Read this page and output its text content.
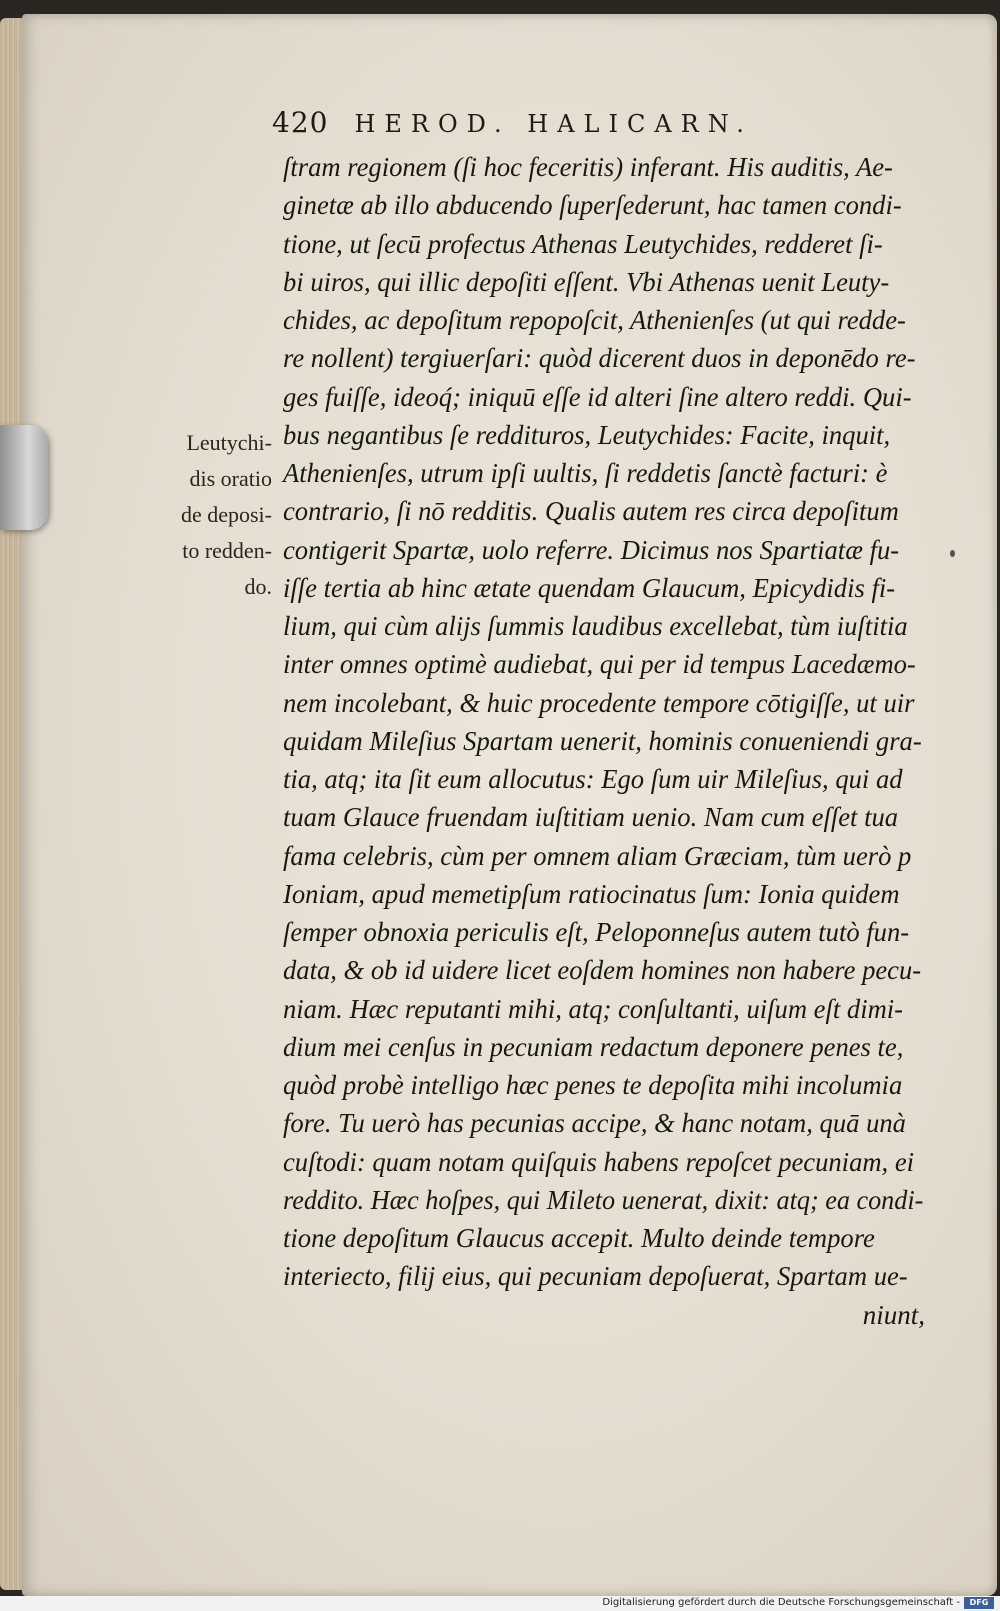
420 HEROD. HALICARN.
Leutychi-
dis oratio
de deposi-
to redden-
do.
ſtram regionem (ſi hoc feceritis) inferant. His auditis, Ae-
ginetæ ab illo abducendo ſuperſederunt, hac tamen condi-
tione, ut ſecū profectus Athenas Leutychides, redderet ſi-
bi uiros, qui illic depoſiti eſſent. Vbi Athenas uenit Leuty-
chides, ac depoſitum repopoſcit, Athenienſes (ut qui redde-
re nollent) tergiuerſari: quòd dicerent duos in deponēdo re-
ges fuiſſe, ideoq́; iniquū eſſe id alteri ſine altero reddi. Qui-
bus negantibus ſe reddituros, Leutychides: Facite, inquit,
Athenienſes, utrum ipſi uultis, ſi reddetis ſanctè facturi: è
contrario, ſi nō redditis. Qualis autem res circa depoſitum
contigerit Spartæ, uolo referre. Dicimus nos Spartiatæ fu-
iſſe tertia ab hinc ætate quendam Glaucum, Epicydidis fi-
lium, qui cùm alijs ſummis laudibus excellebat, tùm iuſtitia
inter omnes optimè audiebat, qui per id tempus Lacedæmo-
nem incolebant, & huic procedente tempore cōtigiſſe, ut uir
quidam Mileſius Spartam uenerit, hominis conueniendi gra-
tia, atq; ita ſit eum allocutus: Ego ſum uir Mileſius, qui ad
tuam Glauce fruendam iuſtitiam uenio. Nam cum eſſet tua
fama celebris, cùm per omnem aliam Græciam, tùm uerò p
Ioniam, apud memetipſum ratiocinatus ſum: Ionia quidem
ſemper obnoxia periculis eſt, Peloponneſus autem tutò fun-
data, & ob id uidere licet eoſdem homines non habere pecu-
niam. Hæc reputanti mihi, atq; conſultanti, uiſum eſt dimi-
dium mei cenſus in pecuniam redactum deponere penes te,
quòd probè intelligo hæc penes te depoſita mihi incolumia
fore. Tu uerò has pecunias accipe, & hanc notam, quā unà
cuſtodi: quam notam quiſquis habens repoſcet pecuniam, ei
reddito. Hæc hoſpes, qui Mileto uenerat, dixit: atq; ea condi-
tione depoſitum Glaucus accepit. Multo deinde tempore
interiecto, filij eius, qui pecuniam depoſuerat, Spartam ue-
niunt,
Digitalisierung gefördert durch die Deutsche Forschungsgemeinschaft -	DFG
